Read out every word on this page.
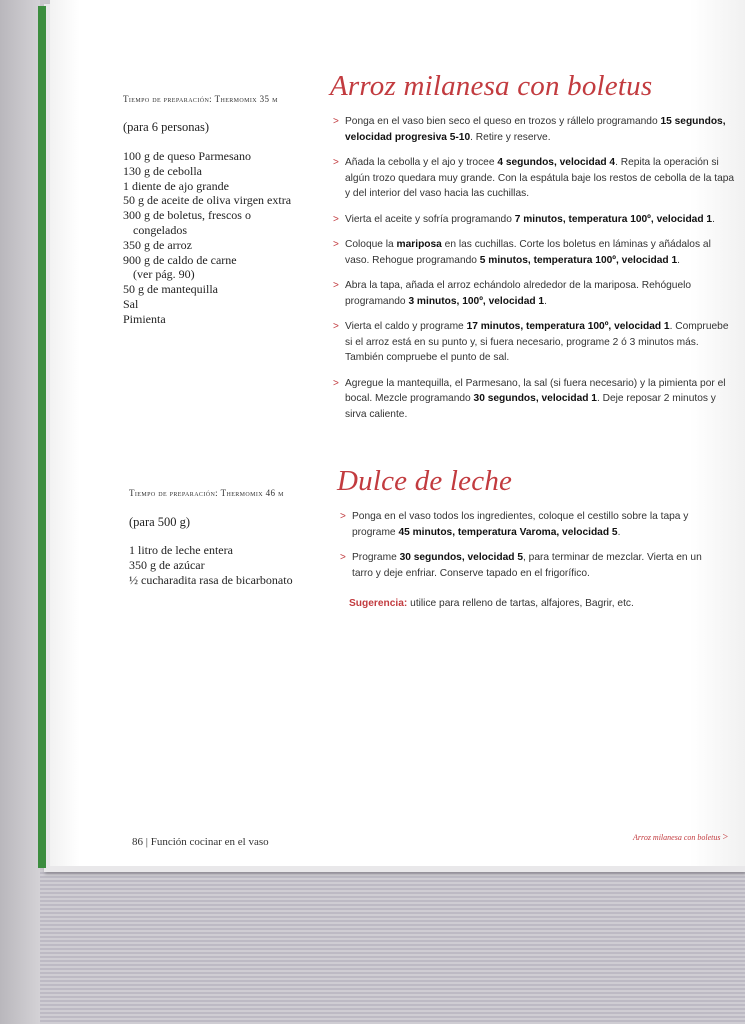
Tiempo de preparación: Thermomix 35 m
(para 6 personas)
100 g de queso Parmesano
130 g de cebolla
1 diente de ajo grande
50 g de aceite de oliva virgen extra
300 g de boletus, frescos o
congelados
350 g de arroz
900 g de caldo de carne
(ver pág. 90)
50 g de mantequilla
Sal
Pimienta
Arroz milanesa con boletus
> Ponga en el vaso bien seco el queso en trozos y rállelo programando 15 segundos, velocidad progresiva 5-10. Retire y reserve.
> Añada la cebolla y el ajo y trocee 4 segundos, velocidad 4. Repita la operación si algún trozo quedara muy grande. Con la espátula baje los restos de cebolla de la tapa y del interior del vaso hacia las cuchillas.
> Vierta el aceite y sofría programando 7 minutos, temperatura 100º, velocidad 1.
> Coloque la mariposa en las cuchillas. Corte los boletus en láminas y añádalos al vaso. Rehogue programando 5 minutos, temperatura 100º, velocidad 1.
> Abra la tapa, añada el arroz echándolo alrededor de la mariposa. Rehóguelo programando 3 minutos, 100º, velocidad 1.
> Vierta el caldo y programe 17 minutos, temperatura 100º, velocidad 1. Compruebe si el arroz está en su punto y, si fuera necesario, programe 2 ó 3 minutos más. También compruebe el punto de sal.
> Agregue la mantequilla, el Parmesano, la sal (si fuera necesario) y la pimienta por el bocal. Mezcle programando 30 segundos, velocidad 1. Deje reposar 2 minutos y sirva caliente.
Tiempo de preparación: Thermomix 46 m
(para 500 g)
1 litro de leche entera
350 g de azúcar
½ cucharadita rasa de bicarbonato
Dulce de leche
> Ponga en el vaso todos los ingredientes, coloque el cestillo sobre la tapa y programe 45 minutos, temperatura Varoma, velocidad 5.
> Programe 30 segundos, velocidad 5, para terminar de mezclar. Vierta en un tarro y deje enfriar. Conserve tapado en el frigorífico.
Sugerencia: utilice para relleno de tartas, alfajores, Bagrir, etc.
86 | Función cocinar en el vaso	Arroz milanesa con boletus >
